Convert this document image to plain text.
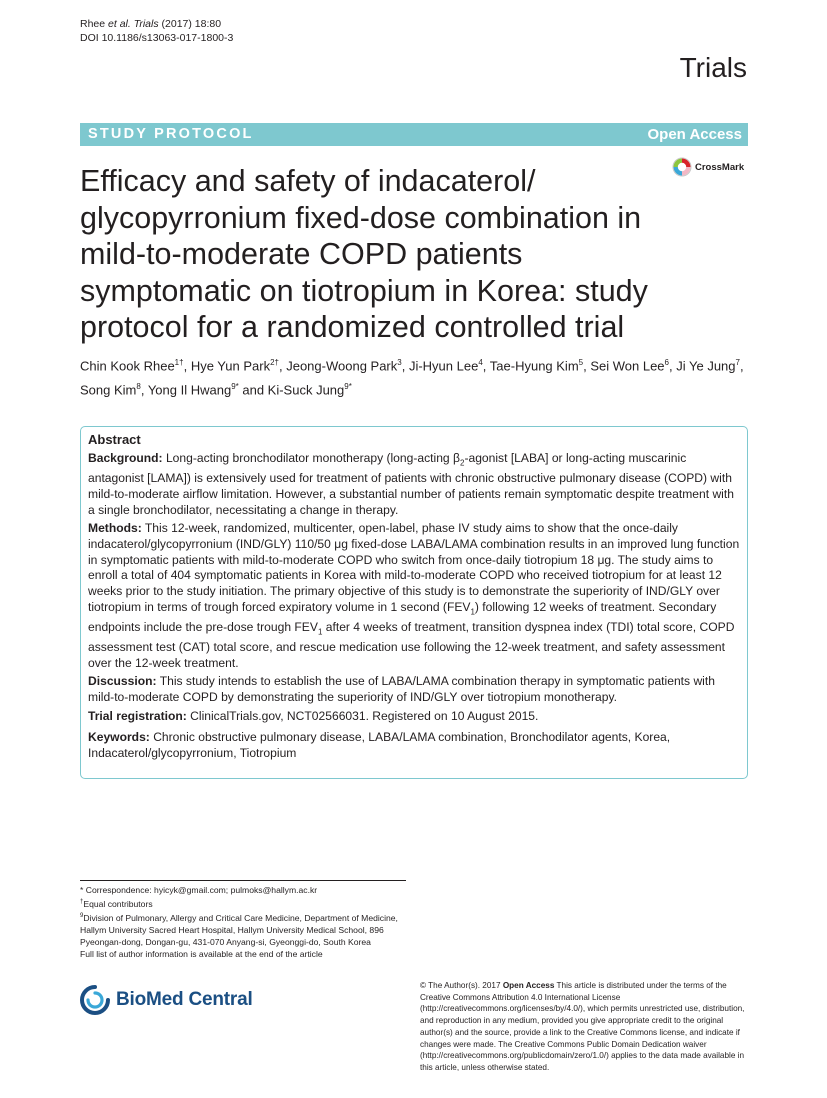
Rhee et al. Trials (2017) 18:80
DOI 10.1186/s13063-017-1800-3
Trials
STUDY PROTOCOL	Open Access
CrossMark
Efficacy and safety of indacaterol/ glycopyrronium fixed-dose combination in mild-to-moderate COPD patients symptomatic on tiotropium in Korea: study protocol for a randomized controlled trial
Chin Kook Rhee$^{1\dagger}$, Hye Yun Park$^{2\dagger}$, Jeong-Woong Park$^3$, Ji-Hyun Lee$^4$, Tae-Hyung Kim$^5$, Sei Won Lee$^6$, Ji Ye Jung$^7$, Song Kim$^8$, Yong Il Hwang$^{9*}$ and Ki-Suck Jung$^{9*}$
Abstract

Background: Long-acting bronchodilator monotherapy (long-acting $\beta_2$-agonist [LABA] or long-acting muscarinic antagonist [LAMA]) is extensively used for treatment of patients with chronic obstructive pulmonary disease (COPD) with mild-to-moderate airflow limitation. However, a substantial number of patients remain symptomatic despite treatment with a single bronchodilator, necessitating a change in therapy.

Methods: This 12-week, randomized, multicenter, open-label, phase IV study aims to show that the once-daily indacaterol/glycopyrronium (IND/GLY) 110/50 μg fixed-dose LABA/LAMA combination results in an improved lung function in symptomatic patients with mild-to-moderate COPD who switch from once-daily tiotropium 18 μg. The study aims to enroll a total of 404 symptomatic patients in Korea with mild-to-moderate COPD who received tiotropium for at least 12 weeks prior to the study initiation. The primary objective of this study is to demonstrate the superiority of IND/GLY over tiotropium in terms of trough forced expiratory volume in 1 second $(FEV_1)$ following 12 weeks of treatment. Secondary endpoints include the pre-dose trough $FEV_1$ after 4 weeks of treatment, transition dyspnea index (TDI) total score, COPD assessment test (CAT) total score, and rescue medication use following the 12-week treatment, and safety assessment over the 12-week treatment.

Discussion: This study intends to establish the use of LABA/LAMA combination therapy in symptomatic patients with mild-to-moderate COPD by demonstrating the superiority of IND/GLY over tiotropium monotherapy.

Trial registration: ClinicalTrials.gov, NCT02566031. Registered on 10 August 2015.

Keywords: Chronic obstructive pulmonary disease, LABA/LAMA combination, Bronchodilator agents, Korea, Indacaterol/glycopyrronium, Tiotropium

* Correspondence: hyicyk@gmail.com; pulmoks@hallym.ac.kr

†Equal contributors

$^9$Division of Pulmonary, Allergy and Critical Care Medicine, Department of Medicine, Hallym University Sacred Heart Hospital, Hallym University Medical School, 896 Pyeongan-dong, Dongan-gu, 431-070 Anyang-si, Gyeonggi-do, South Korea

Full list of author information is available at the end of the article

BioMed Central
© The Author(s). 2017 Open Access This article is distributed under the terms of the Creative Commons Attribution 4.0 International License (http://creativecommons.org/licenses/by/4.0/), which permits unrestricted use, distribution, and reproduction in any medium, provided you give appropriate credit to the original author(s) and the source, provide a link to the Creative Commons license, and indicate if changes were made. The Creative Commons Public Domain Dedication waiver (http://creativecommons.org/publicdomain/zero/1.0/) applies to the data made available in this article, unless otherwise stated.
